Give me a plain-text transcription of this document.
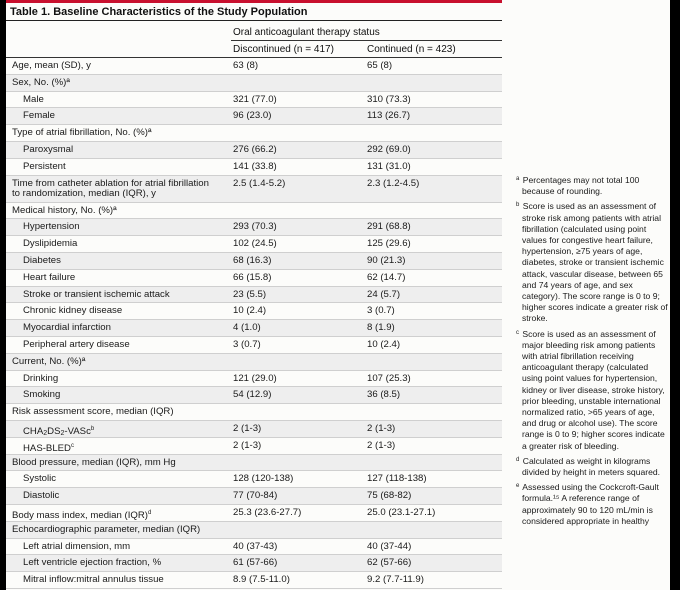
Table 1. Baseline Characteristics of the Study Population
Oral anticoagulant therapy status
Discontinued (n = 417)	Continued (n = 423)
Age, mean (SD), y	63 (8)	65 (8)
Sex, No. (%)ª
Male	321 (77.0)	310 (73.3)
Female	96 (23.0)	113 (26.7)
Type of atrial fibrillation, No. (%)ª
Paroxysmal	276 (66.2)	292 (69.0)
Persistent	141 (33.8)	131 (31.0)
Time from catheter ablation for atrial fibrillation
to randomization, median (IQR), y
2.5 (1.4-5.2)	2.3 (1.2-4.5)
Medical history, No. (%)ª
Hypertension	293 (70.3)	291 (68.8)
Dyslipidemia	102 (24.5)	125 (29.6)
Diabetes	68 (16.3)	90 (21.3)
Heart failure	66 (15.8)	62 (14.7)
Stroke or transient ischemic attack	23 (5.5)	24 (5.7)
Chronic kidney disease	10 (2.4)	3 (0.7)
Myocardial infarction	4 (1.0)	8 (1.9)
Peripheral artery disease	3 (0.7)	10 (2.4)
Current, No. (%)ª
Drinking	121 (29.0)	107 (25.3)
Smoking	54 (12.9)	36 (8.5)
Risk assessment score, median (IQR)
CHA2DS2-VASc$^b$	2 (1-3)	2 (1-3)
HAS-BLED$^c$	2 (1-3)	2 (1-3)
Blood pressure, median (IQR), mm Hg
Systolic	128 (120-138)	127 (118-138)
Diastolic	77 (70-84)	75 (68-82)
Body mass index, median (IQR)$^d$	25.3 (23.6-27.7)	25.0 (23.1-27.1)
Echocardiographic parameter, median (IQR)
Left atrial dimension, mm	40 (37-43)	40 (37-44)
Left ventricle ejection fraction, %	61 (57-66)	62 (57-66)
Mitral inflow:mitral annulus tissue	8.9 (7.5-11.0)	9.2 (7.7-11.9)
$^a$ Percentages may not total 100 because of rounding.
$^b$ Score is used as an assessment of stroke risk among patients with atrial fibrillation (calculated using point values for congestive heart failure, hypertension, ≥75 years of age, diabetes, stroke or transient ischemic attack, vascular disease, between 65 and 74 years of age, and sex category). The score range is 0 to 9; higher scores indicate a greater risk of stroke.
$^c$ Score is used as an assessment of major bleeding risk among patients with atrial fibrillation receiving anticoagulant therapy (calculated using point values for hypertension, kidney or liver disease, stroke history, prior bleeding, unstable international normalized ratio, >65 years of age, and drug or alcohol use). The score range is 0 to 9; higher scores indicate a greater risk of bleeding.
$^d$ Calculated as weight in kilograms divided by height in meters squared.
$^e$ Assessed using the Cockcroft-Gault formula.¹⁵ A reference range of approximately 90 to 120 mL/min is considered appropriate in healthy
